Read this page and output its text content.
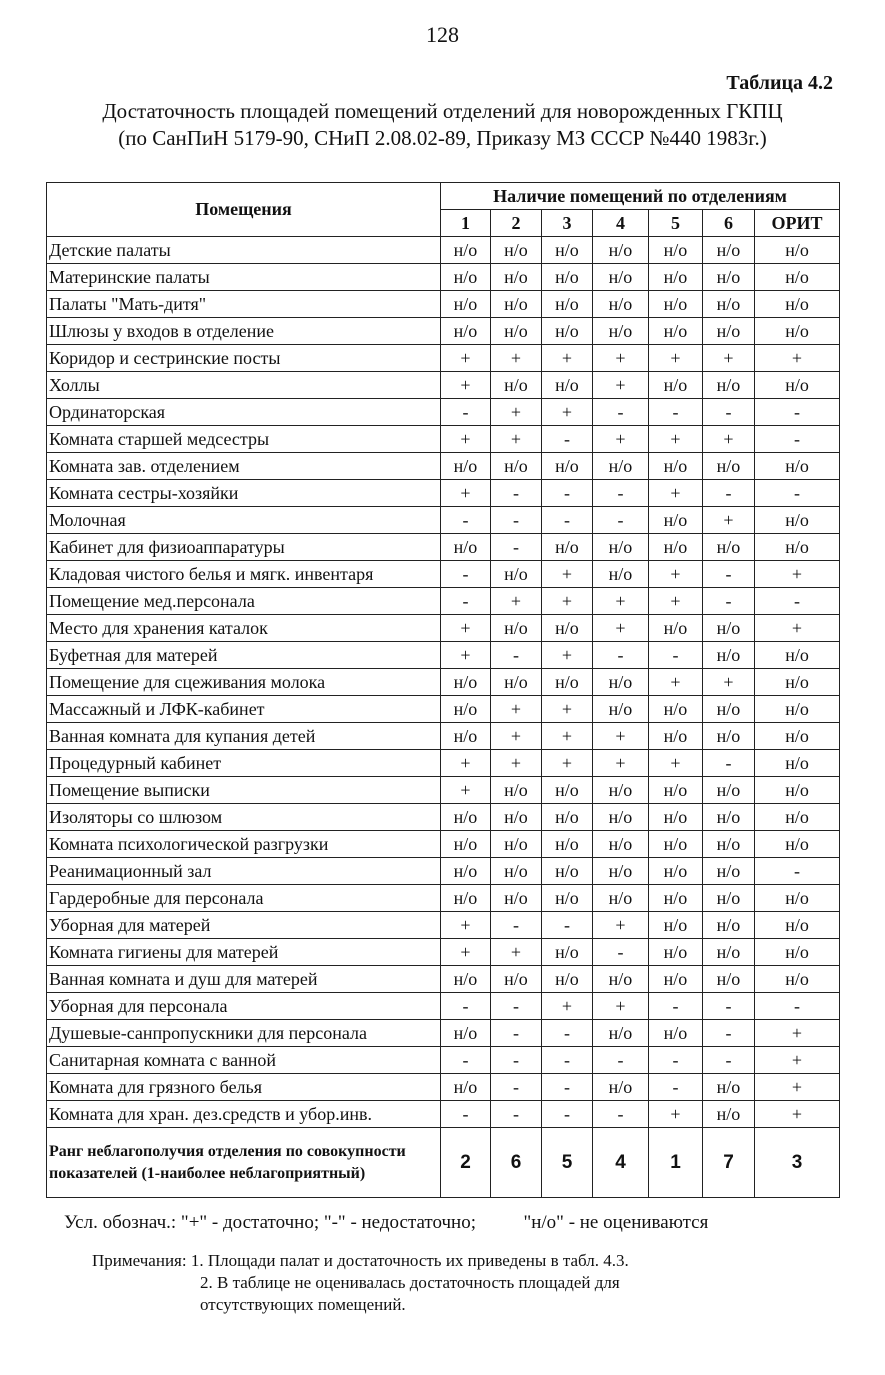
128
Таблица 4.2
Достаточность площадей помещений отделений для новорожденных ГКПЦ
(по СанПиН 5179-90, СНиП 2.08.02-89, Приказу МЗ СССР №440 1983г.)
Помещения	Наличие помещений по отделениям						
	1	2	3	4	5	6	ОРИТ
Детские палаты	н/о	н/о	н/о	н/о	н/о	н/о	н/о
Материнские палаты	н/о	н/о	н/о	н/о	н/о	н/о	н/о
Палаты "Мать-дитя"	н/о	н/о	н/о	н/о	н/о	н/о	н/о
Шлюзы у входов в отделение	н/о	н/о	н/о	н/о	н/о	н/о	н/о
Коридор и сестринские посты	+	+	+	+	+	+	+
Холлы	+	н/о	н/о	+	н/о	н/о	н/о
Ординаторская	-	+	+	-	-	-	-
Комната старшей медсестры	+	+	-	+	+	+	-
Комната зав. отделением	н/о	н/о	н/о	н/о	н/о	н/о	н/о
Комната сестры-хозяйки	+	-	-	-	+	-	-
Молочная	-	-	-	-	н/о	+	н/о
Кабинет для физиоаппаратуры	н/о	-	н/о	н/о	н/о	н/о	н/о
Кладовая чистого белья и мягк. инвентаря	-	н/о	+	н/о	+	-	+
Помещение мед.персонала	-	+	+	+	+	-	-
Место для хранения каталок	+	н/о	н/о	+	н/о	н/о	+
Буфетная для матерей	+	-	+	-	-	н/о	н/о
Помещение для сцеживания молока	н/о	н/о	н/о	н/о	+	+	н/о
Массажный и ЛФК-кабинет	н/о	+	+	н/о	н/о	н/о	н/о
Ванная комната для купания детей	н/о	+	+	+	н/о	н/о	н/о
Процедурный кабинет	+	+	+	+	+	-	н/о
Помещение выписки	+	н/о	н/о	н/о	н/о	н/о	н/о
Изоляторы со шлюзом	н/о	н/о	н/о	н/о	н/о	н/о	н/о
Комната психологической разгрузки	н/о	н/о	н/о	н/о	н/о	н/о	н/о
Реанимационный зал	н/о	н/о	н/о	н/о	н/о	н/о	-
Гардеробные для персонала	н/о	н/о	н/о	н/о	н/о	н/о	н/о
Уборная для матерей	+	-	-	+	н/о	н/о	н/о
Комната гигиены для матерей	+	+	н/о	-	н/о	н/о	н/о
Ванная комната и душ для матерей	н/о	н/о	н/о	н/о	н/о	н/о	н/о
Уборная для персонала	-	-	+	+	-	-	-
Душевые-санпропускники для персонала	н/о	-	-	н/о	н/о	-	+
Санитарная комната с ванной	-	-	-	-	-	-	+
Комната для грязного белья	н/о	-	-	н/о	-	н/о	+
Комната для хран. дез.средств и убор.инв.	-	-	-	-	+	н/о	+
Ранг неблагополучия отделения по совокупности показателей (1-наиболее неблагоприятный)	2	6	5	4	1	7	3
Усл. обознач.: "+" - достаточно; "-" - недостаточно;          "н/о" - не оцениваются
Примечания: 1. Площади палат и достаточность их приведены в табл. 4.3.
2. В таблице не оценивалась достаточность площадей для
отсутствующих помещений.
